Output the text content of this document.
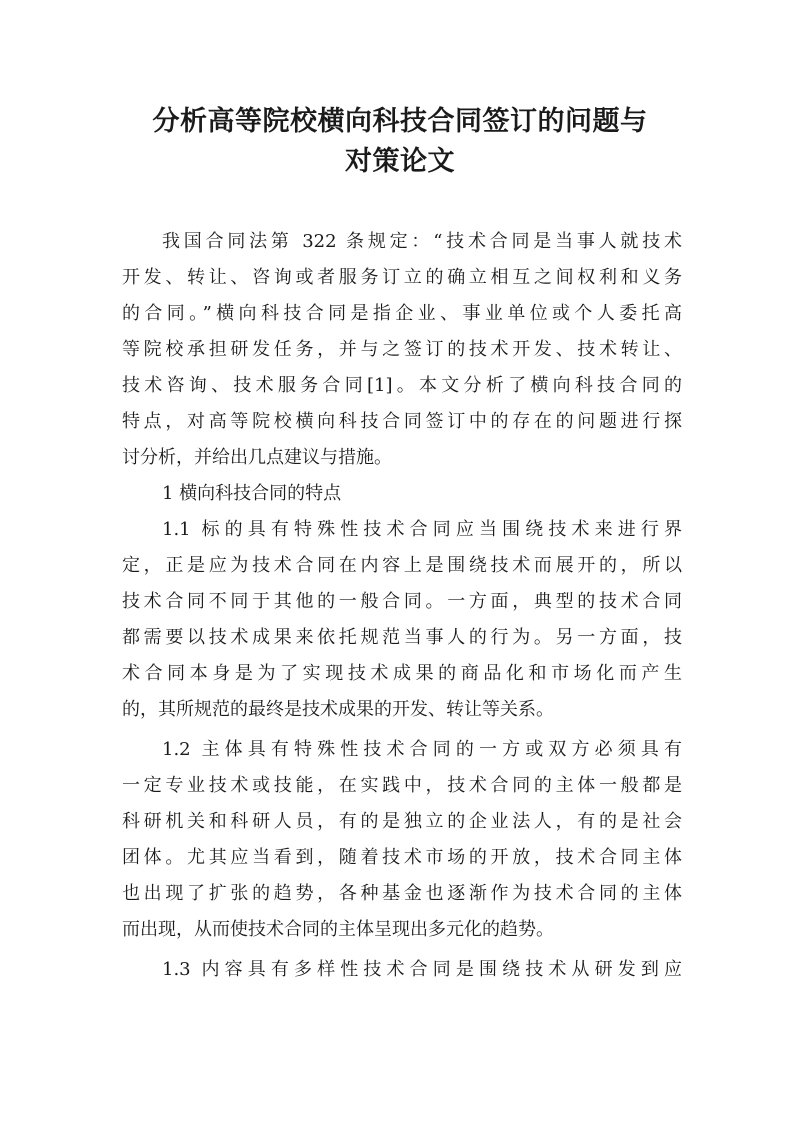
分析高等院校横向科技合同签订的问题与
对策论文
我国合同法第 322 条规定：“技术合同是当事人就技术
开发、转让、咨询或者服务订立的确立相互之间权利和义务
的合同。”横向科技合同是指企业、事业单位或个人委托高
等院校承担研发任务，并与之签订的技术开发、技术转让、
技术咨询、技术服务合同[1]。本文分析了横向科技合同的
特点，对高等院校横向科技合同签订中的存在的问题进行探
讨分析，并给出几点建议与措施。
1 横向科技合同的特点
1.1 标的具有特殊性技术合同应当围绕技术来进行界
定，正是应为技术合同在内容上是围绕技术而展开的，所以
技术合同不同于其他的一般合同。一方面，典型的技术合同
都需要以技术成果来依托规范当事人的行为。另一方面，技
术合同本身是为了实现技术成果的商品化和市场化而产生
的，其所规范的最终是技术成果的开发、转让等关系。
1.2 主体具有特殊性技术合同的一方或双方必须具有
一定专业技术或技能，在实践中，技术合同的主体一般都是
科研机关和科研人员，有的是独立的企业法人，有的是社会
团体。尤其应当看到，随着技术市场的开放，技术合同主体
也出现了扩张的趋势，各种基金也逐渐作为技术合同的主体
而出现，从而使技术合同的主体呈现出多元化的趋势。
1.3 内容具有多样性技术合同是围绕技术从研发到应
